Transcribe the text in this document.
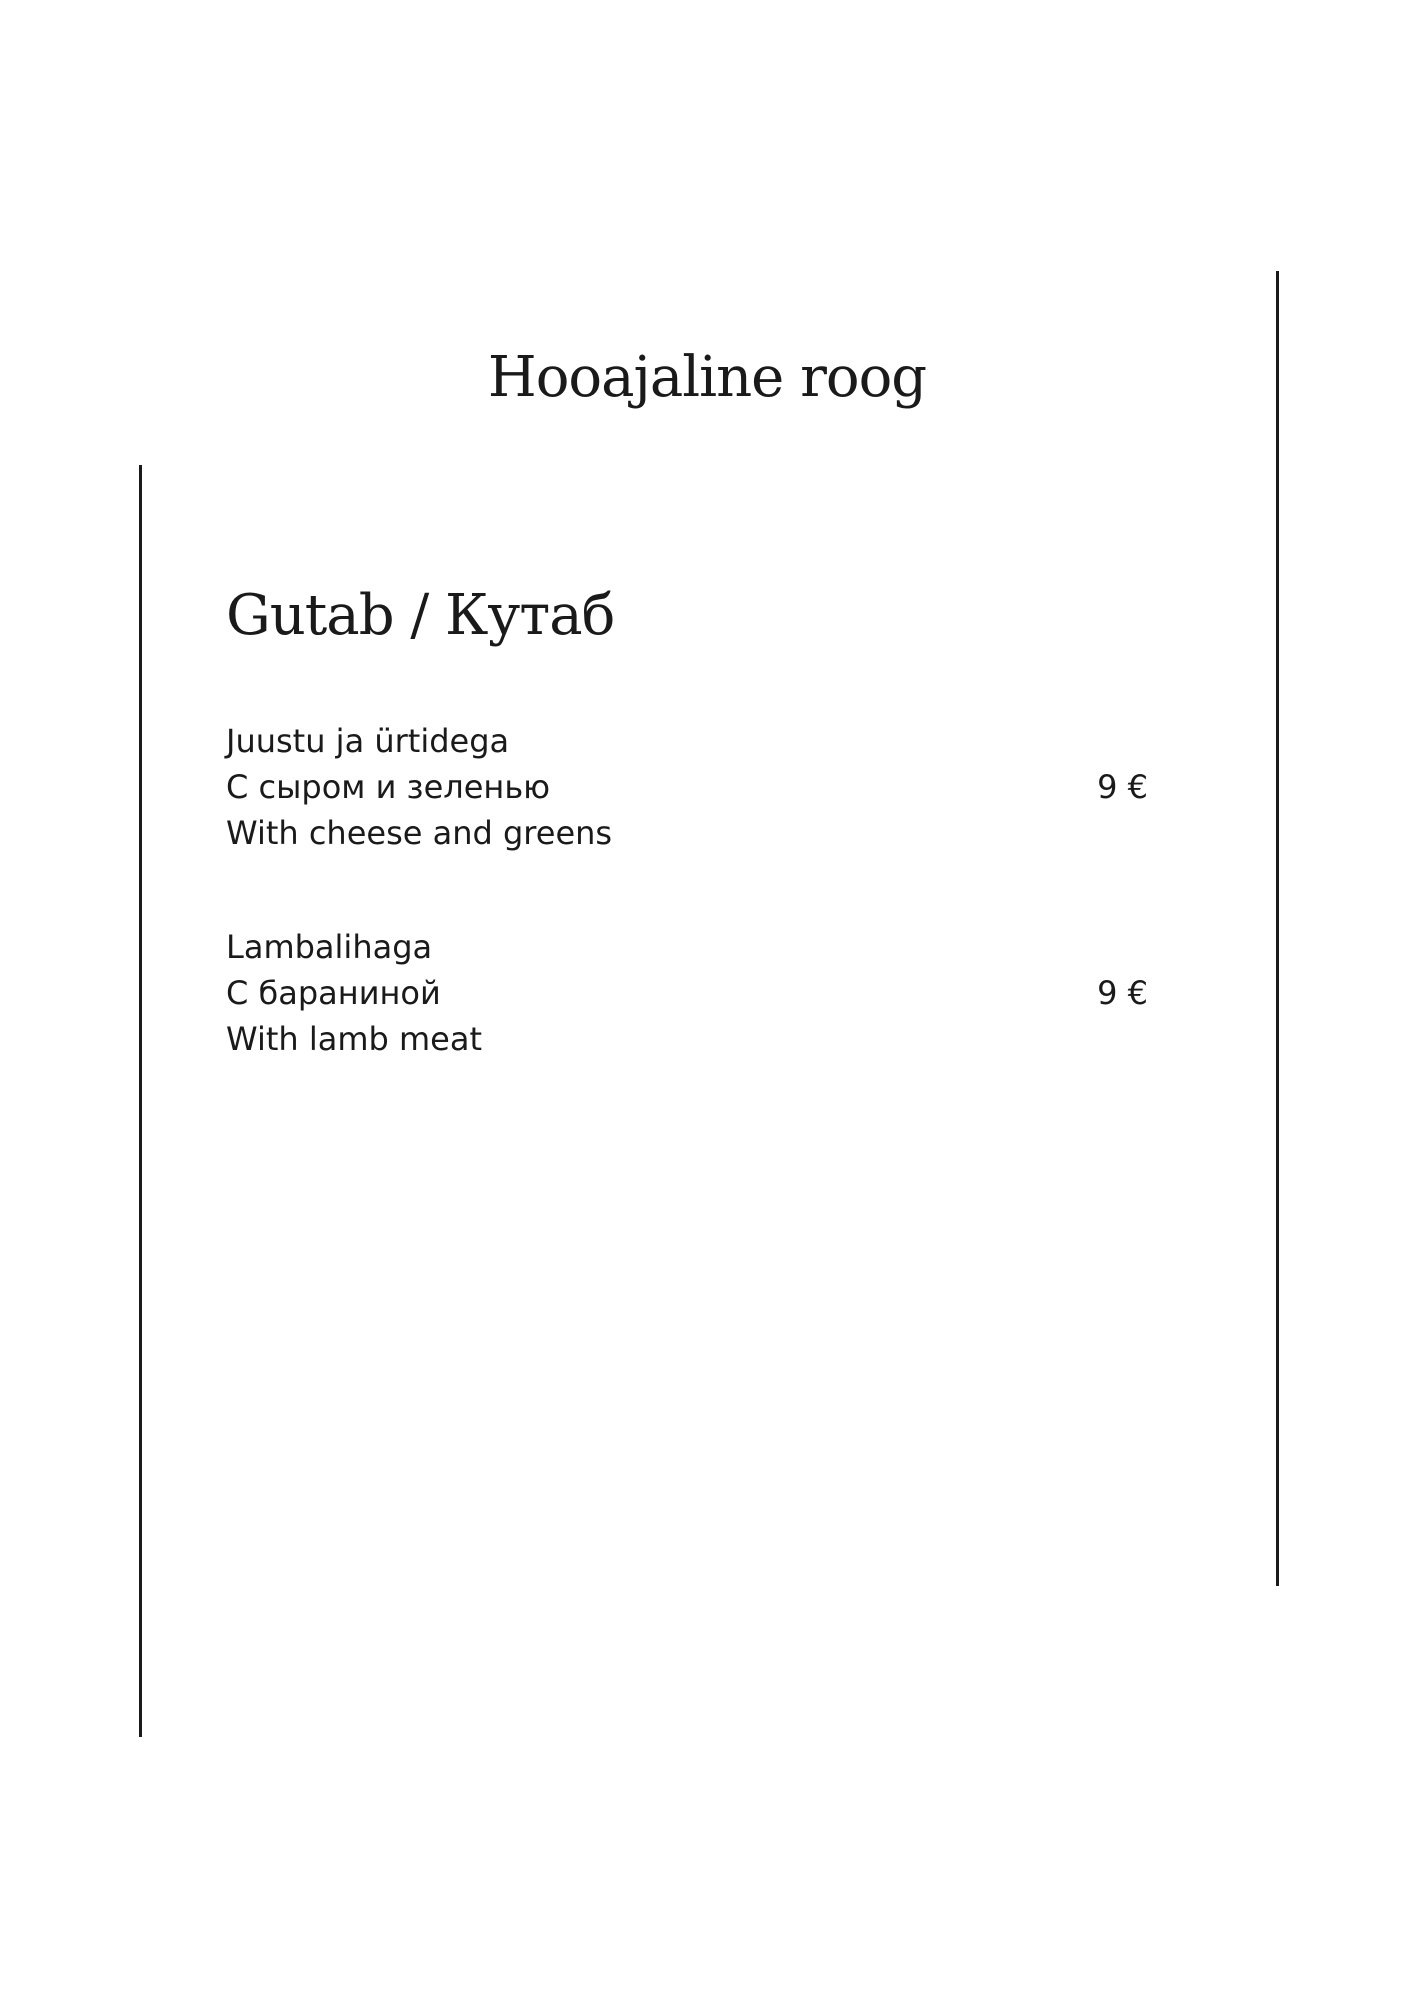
Hooajaline roog
Gutab / Кутаб
Juustu ja ürtidega
С сыром и зеленью
With cheese and greens
9 €
Lambalihaga
С бараниной
With lamb meat
9 €
